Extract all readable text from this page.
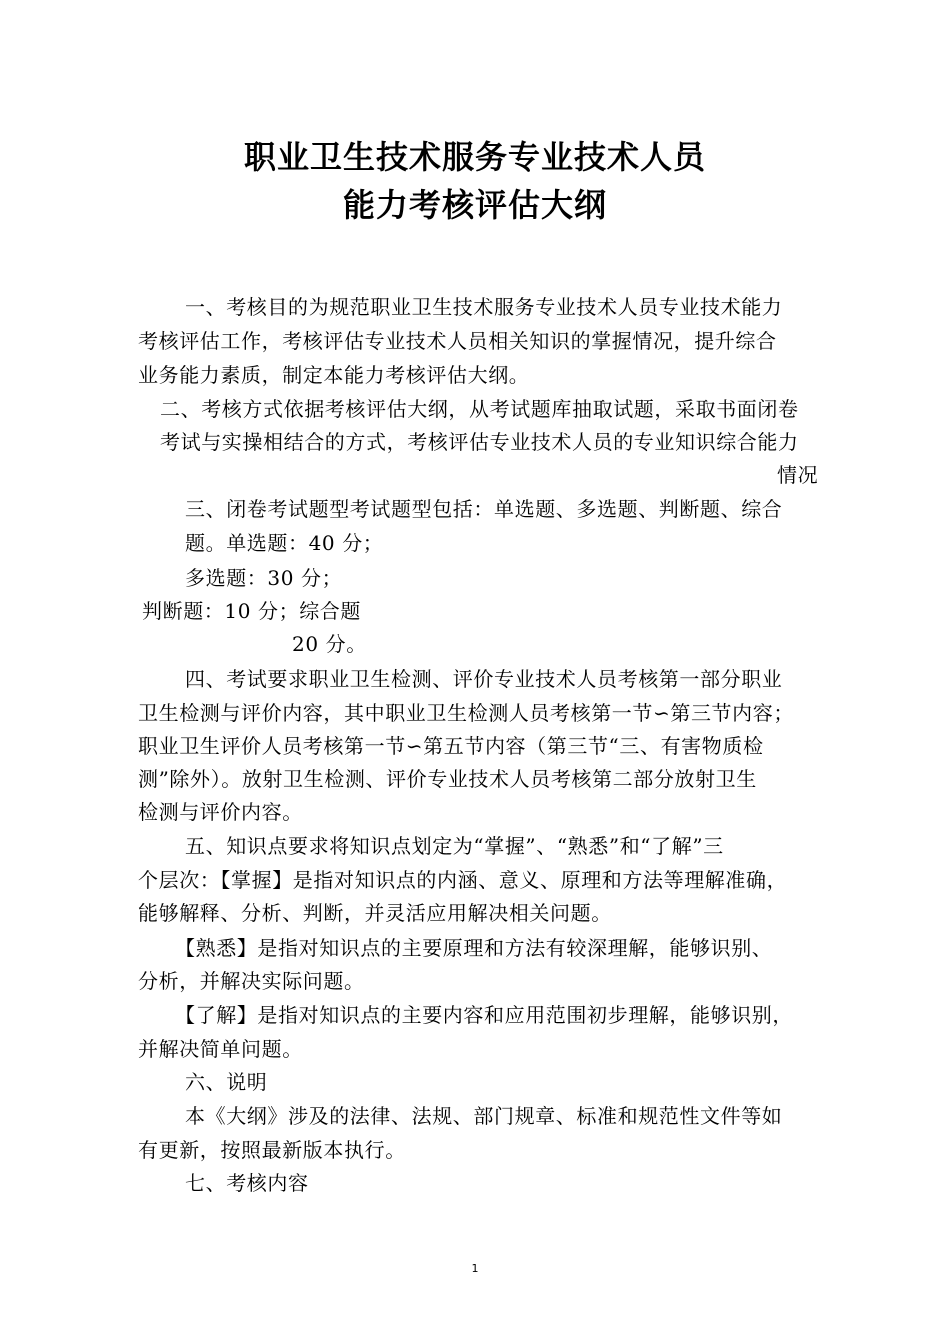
职业卫生技术服务专业技术人员
能力考核评估大纲
一、考核目的为规范职业卫生技术服务专业技术人员专业技术能力
考核评估工作，考核评估专业技术人员相关知识的掌握情况，提升综合
业务能力素质，制定本能力考核评估大纲。
二、考核方式依据考核评估大纲，从考试题库抽取试题，采取书面闭卷
考试与实操相结合的方式，考核评估专业技术人员的专业知识综合能力
情况
三、闭卷考试题型考试题型包括：单选题、多选题、判断题、综合
题。单选题：40 分；
多选题：30 分；
判断题：10 分；综合题
20 分。
四、考试要求职业卫生检测、评价专业技术人员考核第一部分职业
卫生检测与评价内容，其中职业卫生检测人员考核第一节∽第三节内容；
职业卫生评价人员考核第一节∽第五节内容（第三节“三、有害物质检
测”除外）。放射卫生检测、评价专业技术人员考核第二部分放射卫生
检测与评价内容。
五、知识点要求将知识点划定为“掌握”、“熟悉”和“了解”三
个层次：【掌握】是指对知识点的内涵、意义、原理和方法等理解准确，
能够解释、分析、判断，并灵活应用解决相关问题。
【熟悉】是指对知识点的主要原理和方法有较深理解，能够识别、
分析，并解决实际问题。
【了解】是指对知识点的主要内容和应用范围初步理解，能够识别，
并解决简单问题。
六、说明
本《大纲》涉及的法律、法规、部门规章、标准和规范性文件等如
有更新，按照最新版本执行。
七、考核内容
1
